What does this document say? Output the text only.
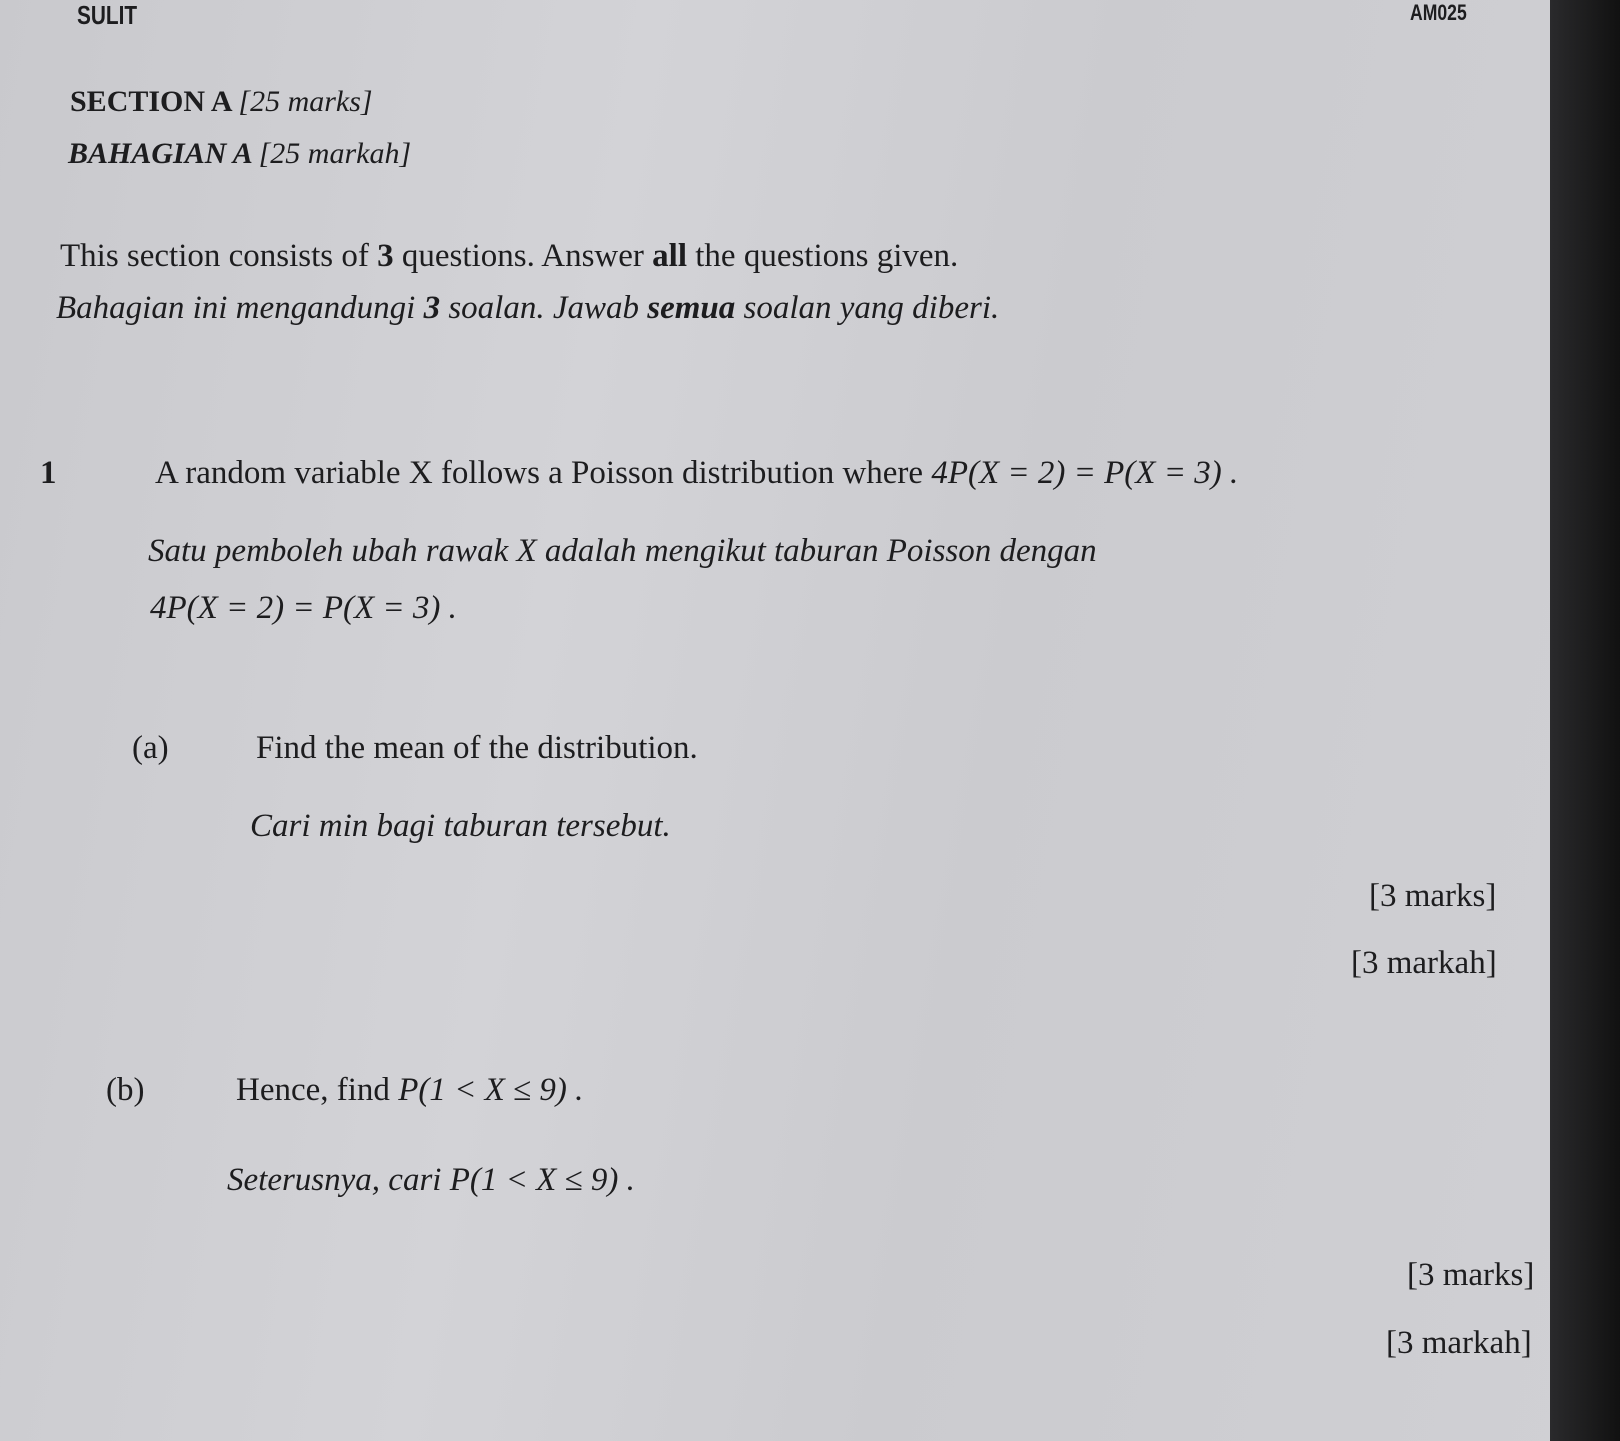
SULIT	AM025
SECTION A [25 marks]
BAHAGIAN A [25 markah]
This section consists of 3 questions. Answer all the questions given.
Bahagian ini mengandungi 3 soalan. Jawab semua soalan yang diberi.
1	A random variable X follows a Poisson distribution where 4P(X = 2) = P(X = 3) .
Satu pemboleh ubah rawak X adalah mengikut taburan Poisson dengan
4P(X = 2) = P(X = 3) .
(a)	Find the mean of the distribution.
Cari min bagi taburan tersebut.
[3 marks]
[3 markah]
(b)	Hence, find P(1 < X ≤ 9) .
Seterusnya, cari P(1 < X ≤ 9) .
[3 marks]
[3 markah]
